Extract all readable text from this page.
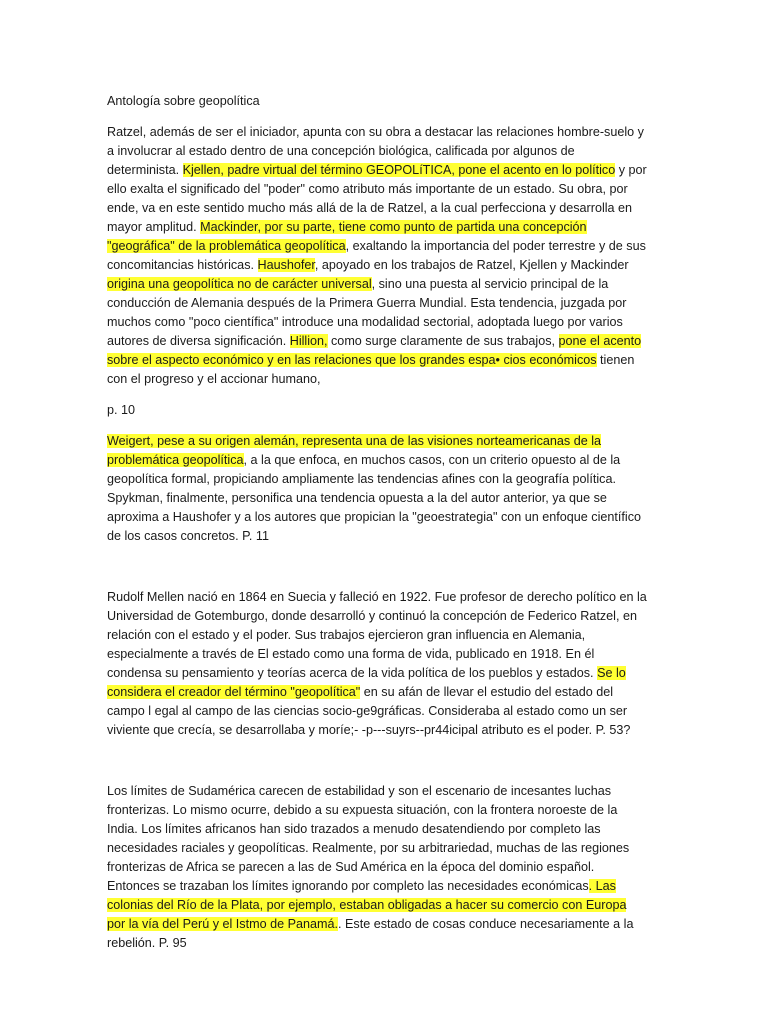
Antología sobre geopolítica

Ratzel, además de ser el iniciador, apunta con su obra a destacar las relaciones hombre-suelo y a involucrar al estado dentro de una concepción biológica, calificada por algunos de determinista. Kjellen, padre virtual del término GEOPOLíTICA, pone el acento en lo político y por ello exalta el significado del "poder" como atributo más importante de un estado. Su obra, por ende, va en este sentido mucho más allá de la de Ratzel, a la cual perfecciona y desarrolla en mayor amplitud. Mackinder, por su parte, tiene como punto de partida una concepción "geográfica" de la problemática geopolítica, exaltando la importancia del poder terrestre y de sus concomitancias históricas. Haushofer, apoyado en los trabajos de Ratzel, Kjellen y Mackinder origina una geopolítica no de carácter universal, sino una puesta al servicio principal de la conducción de Alemania después de la Primera Guerra Mundial. Esta tendencia, juzgada por muchos como "poco científica" introduce una modalidad sectorial, adoptada luego por varios autores de diversa significación. Hillion, como surge claramente de sus trabajos, pone el acento sobre el aspecto económico y en las relaciones que los grandes espa• cios económicos tienen con el progreso y el accionar humano,

p. 10

Weigert, pese a su origen alemán, representa una de las visiones norteamericanas de la problemática geopolítica, a la que enfoca, en muchos casos, con un criterio opuesto al de la geopolítica formal, propiciando ampliamente las tendencias afines con la geografía política. Spykman, finalmente, personifica una tendencia opuesta a la del autor anterior, ya que se aproxima a Haushofer y a los autores que propician la "geoestrategia" con un enfoque científico de los casos concretos. P. 11

Rudolf Mellen nació en 1864 en Suecia y falleció en 1922. Fue profesor de derecho político en la Universidad de Gotemburgo, donde desarrolló y continuó la concepción de Federico Ratzel, en relación con el estado y el poder. Sus trabajos ejercieron gran influencia en Alemania, especialmente a través de El estado como una forma de vida, publicado en 1918. En él condensa su pensamiento y teorías acerca de la vida política de los pueblos y estados. Se lo considera el creador del término "geopolítica" en su afán de llevar el estudio del estado del campo l egal al campo de las ciencias socio-ge9gráficas. Consideraba al estado como un ser viviente que crecía, se desarrollaba y moríe;- -p---suyrs--pr44icipal atributo es el poder. P. 53?

Los límites de Sudamérica carecen de estabilidad y son el escenario de incesantes luchas fronterizas. Lo mismo ocurre, debido a su expuesta situación, con la frontera noroeste de la India. Los límites africanos han sido trazados a menudo desatendiendo por completo las necesidades raciales y geopolíticas. Realmente, por su arbitrariedad, muchas de las regiones fronterizas de Africa se parecen a las de Sud América en la época del dominio español. Entonces se trazaban los límites ignorando por completo las necesidades económicas. Las colonias del Río de la Plata, por ejemplo, estaban obligadas a hacer su comercio con Europa por la vía del Perú y el Istmo de Panamá.. Este estado de cosas conduce necesariamente a la rebelión. P. 95
